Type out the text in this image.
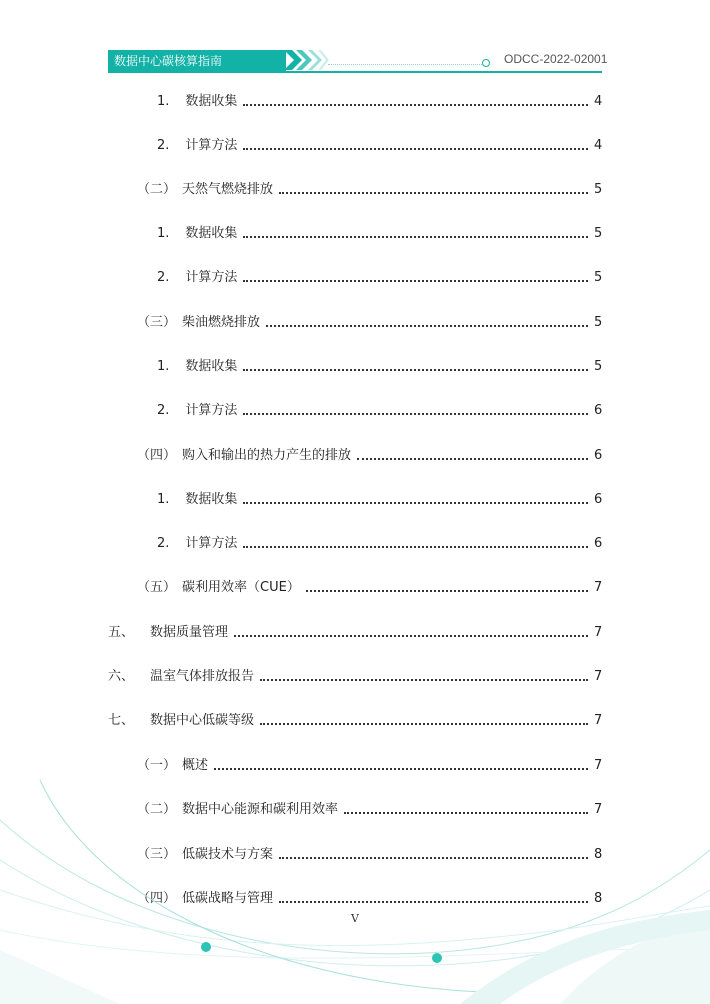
数据中心碳核算指南	ODCC-2022-02001
1. 数据收集	4
2. 计算方法	4
（二） 天然气燃烧排放	5
1. 数据收集	5
2. 计算方法	5
（三） 柴油燃烧排放	5
1. 数据收集	5
2. 计算方法	6
（四） 购入和输出的热力产生的排放	6
1. 数据收集	6
2. 计算方法	6
（五） 碳利用效率（CUE）	7
五、 数据质量管理	7
六、 温室气体排放报告	7
七、 数据中心低碳等级	7
（一） 概述	7
（二） 数据中心能源和碳利用效率	7
（三） 低碳技术与方案	8
（四） 低碳战略与管理	8
V
